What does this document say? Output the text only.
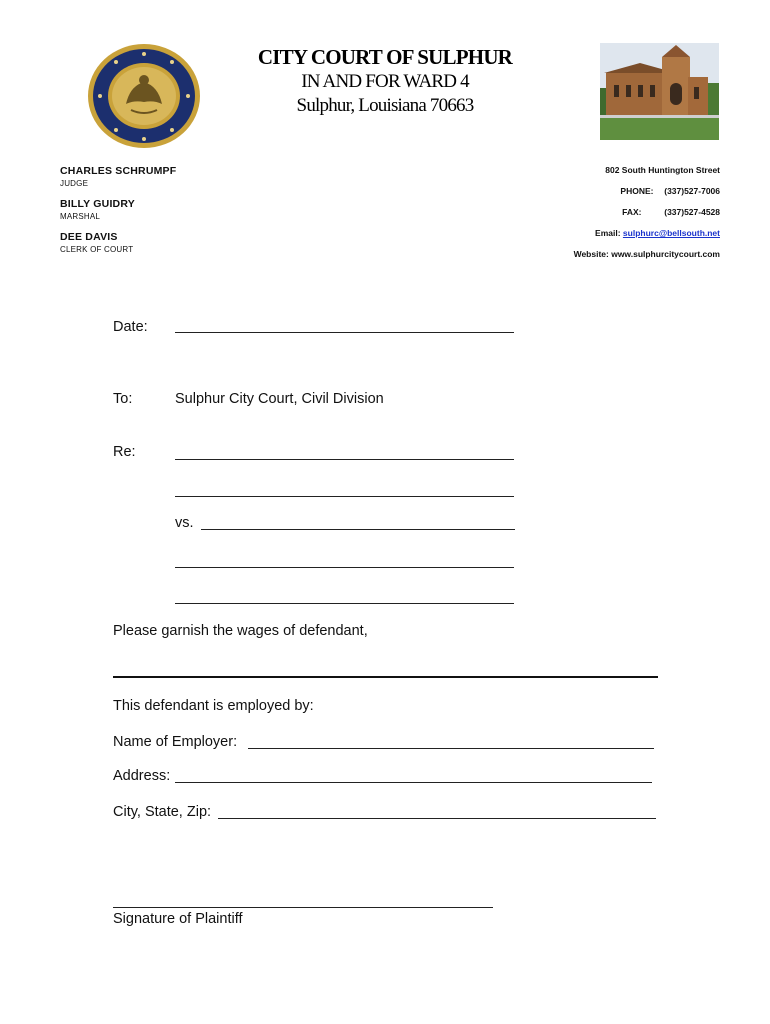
CITY COURT OF SULPHUR
IN AND FOR WARD 4
Sulphur, Louisiana 70663
CHARLES SCHRUMPF
JUDGE
BILLY GUIDRY
MARSHAL
DEE DAVIS
CLERK OF COURT
802 South Huntington Street
PHONE: (337)527-7006
FAX:	(337)527-4528
Email: sulphurc@bellsouth.net
Website: www.sulphurcitycourt.com
Date:
To:	Sulphur City Court, Civil Division
Re:
vs.
Please garnish the wages of defendant,
This defendant is employed by:
Name of Employer:
Address:
City, State, Zip:
Signature of Plaintiff
